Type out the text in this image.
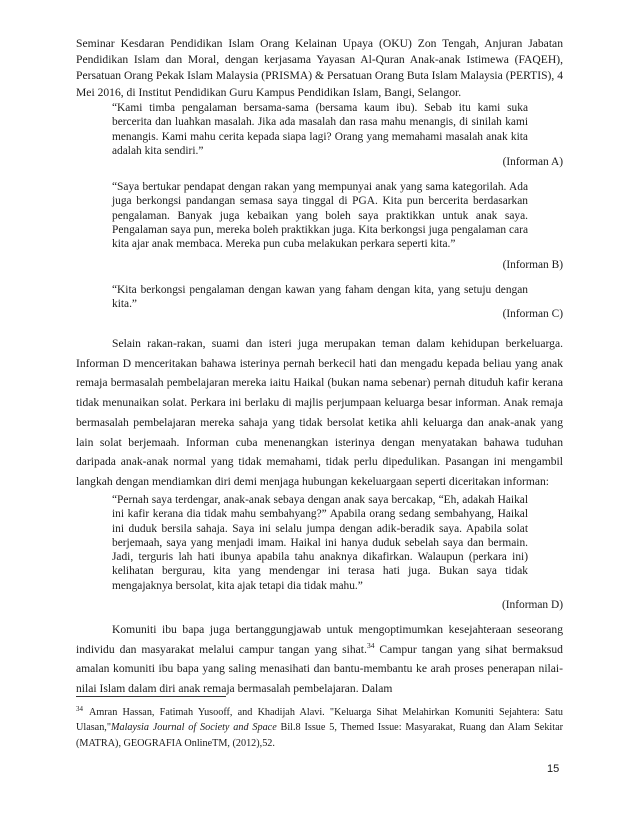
Seminar Kesdaran Pendidikan Islam Orang Kelainan Upaya (OKU) Zon Tengah, Anjuran Jabatan Pendidikan Islam dan Moral, dengan kerjasama Yayasan Al-Quran Anak-anak Istimewa (FAQEH), Persatuan Orang Pekak Islam Malaysia (PRISMA) & Persatuan Orang Buta Islam Malaysia (PERTIS), 4 Mei 2016, di Institut Pendidikan Guru Kampus Pendidikan Islam, Bangi, Selangor.
“Kami timba pengalaman bersama-sama (bersama kaum ibu). Sebab itu kami suka bercerita dan luahkan masalah. Jika ada masalah dan rasa mahu menangis, di sinilah kami menangis. Kami mahu cerita kepada siapa lagi? Orang yang memahami masalah anak kita adalah kita sendiri.”
(Informan A)
“Saya bertukar pendapat dengan rakan yang mempunyai anak yang sama kategorilah. Ada juga berkongsi pandangan semasa saya tinggal di PGA. Kita pun bercerita berdasarkan pengalaman. Banyak juga kebaikan yang boleh saya praktikkan untuk anak saya. Pengalaman saya pun, mereka boleh praktikkan juga. Kita berkongsi juga pengalaman cara kita ajar anak membaca. Mereka pun cuba melakukan perkara seperti kita.”
(Informan B)
“Kita berkongsi pengalaman dengan kawan yang faham dengan kita, yang setuju dengan kita.”
(Informan C)
Selain rakan-rakan, suami dan isteri juga merupakan teman dalam kehidupan berkeluarga. Informan D menceritakan bahawa isterinya pernah berkecil hati dan mengadu kepada beliau yang anak remaja bermasalah pembelajaran mereka iaitu Haikal (bukan nama sebenar) pernah dituduh kafir kerana tidak menunaikan solat. Perkara ini berlaku di majlis perjumpaan keluarga besar informan. Anak remaja bermasalah pembelajaran mereka sahaja yang tidak bersolat ketika ahli keluarga dan anak-anak yang lain solat berjemaah. Informan cuba menenangkan isterinya dengan menyatakan bahawa tuduhan daripada anak-anak normal yang tidak memahami, tidak perlu dipedulikan. Pasangan ini mengambil langkah dengan mendiamkan diri demi menjaga hubungan kekeluargaan seperti diceritakan informan:
“Pernah saya terdengar, anak-anak sebaya dengan anak saya bercakap, “Eh, adakah Haikal ini kafir kerana dia tidak mahu sembahyang?” Apabila orang sedang sembahyang, Haikal ini duduk bersila sahaja. Saya ini selalu jumpa dengan adik-beradik saya. Apabila solat berjemaah, saya yang menjadi imam. Haikal ini hanya duduk sebelah saya dan bermain. Jadi, terguris lah hati ibunya apabila tahu anaknya dikafirkan. Walaupun (perkara ini) kelihatan bergurau, kita yang mendengar ini terasa hati juga. Bukan saya tidak mengajaknya bersolat, kita ajak tetapi dia tidak mahu.”
(Informan D)
Komuniti ibu bapa juga bertanggungjawab untuk mengoptimumkan kesejahteraan seseorang individu dan masyarakat melalui campur tangan yang sihat.$^{34}$ Campur tangan yang sihat bermaksud amalan komuniti ibu bapa yang saling menasihati dan bantu-membantu ke arah proses penerapan nilai-nilai Islam dalam diri anak remaja bermasalah pembelajaran. Dalam
$^{34}$ Amran Hassan, Fatimah Yusooff, and Khadijah Alavi. "Keluarga Sihat Melahirkan Komuniti Sejahtera: Satu Ulasan,"Malaysia Journal of Society and Space Bil.8 Issue 5, Themed Issue: Masyarakat, Ruang dan Alam Sekitar (MATRA), GEOGRAFIA OnlineTM, (2012),52.
15
